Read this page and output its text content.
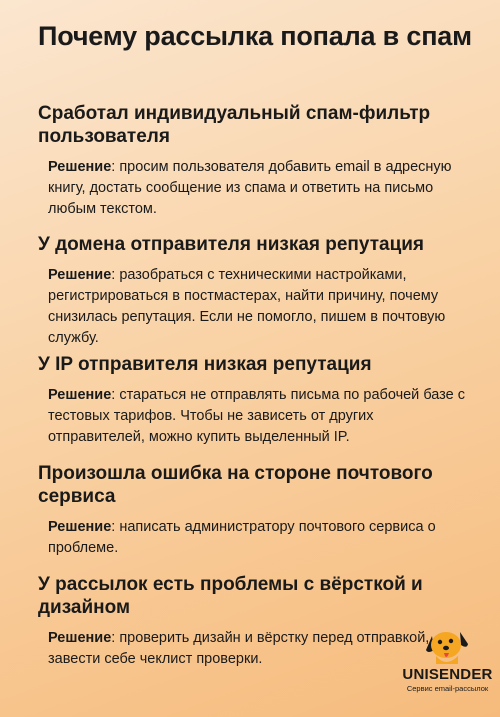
Почему рассылка попала в спам
Сработал индивидуальный спам-фильтр пользователя

Решение: просим пользователя добавить email в адресную книгу, достать сообщение из спама и ответить на письмо любым текстом.

У домена отправителя низкая репутация

Решение: разобраться с техническими настройками, регистрироваться в постмастерах, найти причину, почему снизилась репутация. Если не помогло, пишем в почтовую службу.

У IP отправителя низкая репутация

Решение: стараться не отправлять письма по рабочей базе с тестовых тарифов. Чтобы не зависеть от других отправителей, можно купить выделенный IP.

Произошла ошибка на стороне почтового сервиса

Решение: написать администратору почтового сервиса о проблеме.

У рассылок есть проблемы с вёрсткой и дизайном

Решение: проверить дизайн и вёрстку перед отправкой, завести себе чеклист проверки.

UNISENDER
Сервис email-рассылок
